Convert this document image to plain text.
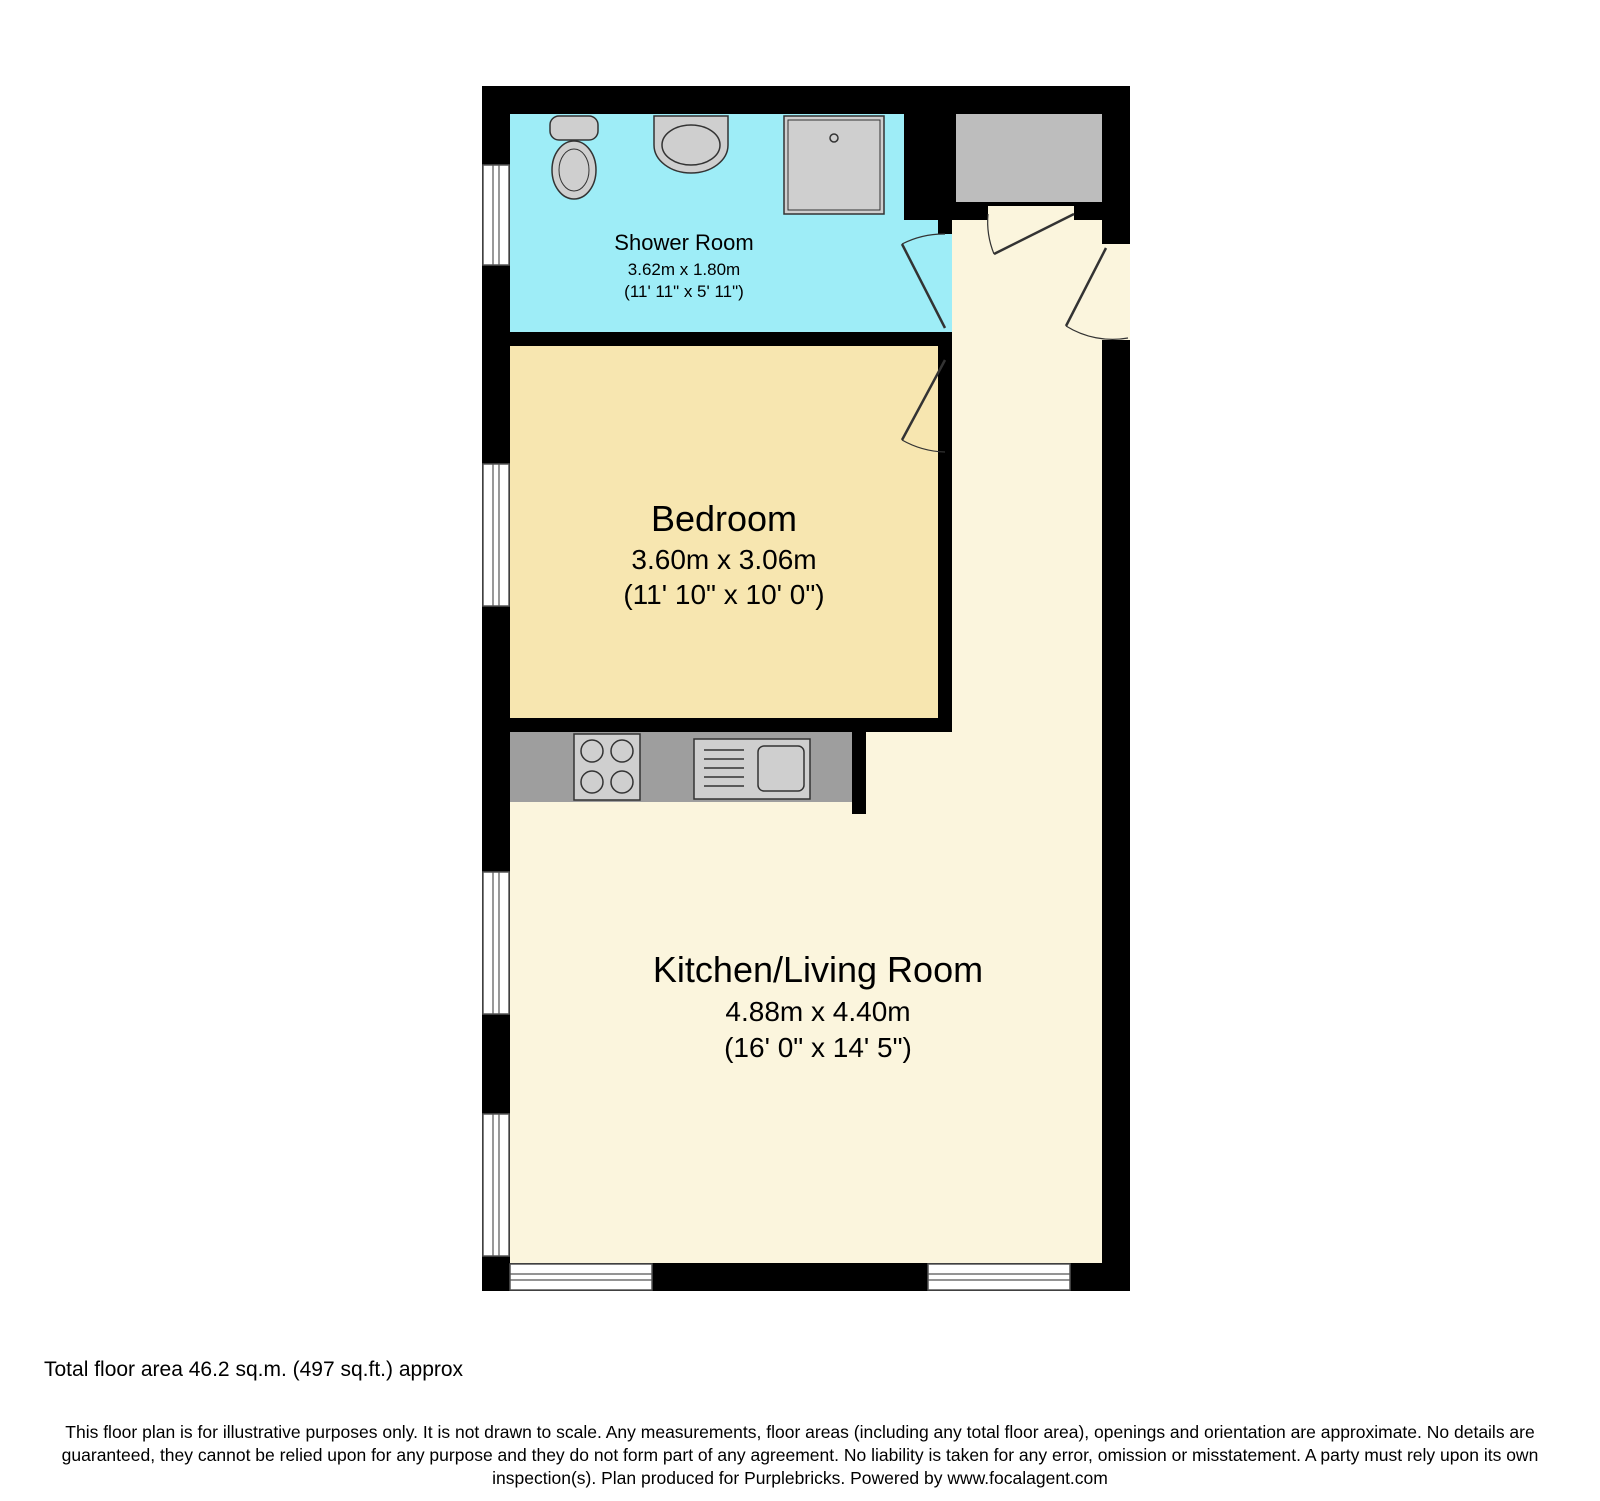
Shower Room
3.62m x 1.80m
(11' 11" x 5' 11")
Bedroom
3.60m x 3.06m
(11' 10" x 10' 0")
Kitchen/Living Room
4.88m x 4.40m
(16' 0" x 14' 5")
Total floor area 46.2 sq.m. (497 sq.ft.) approx
This floor plan is for illustrative purposes only. It is not drawn to scale. Any measurements, floor areas (including any total floor area), openings and orientation are approximate. No details are guaranteed, they cannot be relied upon for any purpose and they do not form part of any agreement. No liability is taken for any error, omission or misstatement. A party must rely upon its own inspection(s). Plan produced for Purplebricks. Powered by www.focalagent.com
